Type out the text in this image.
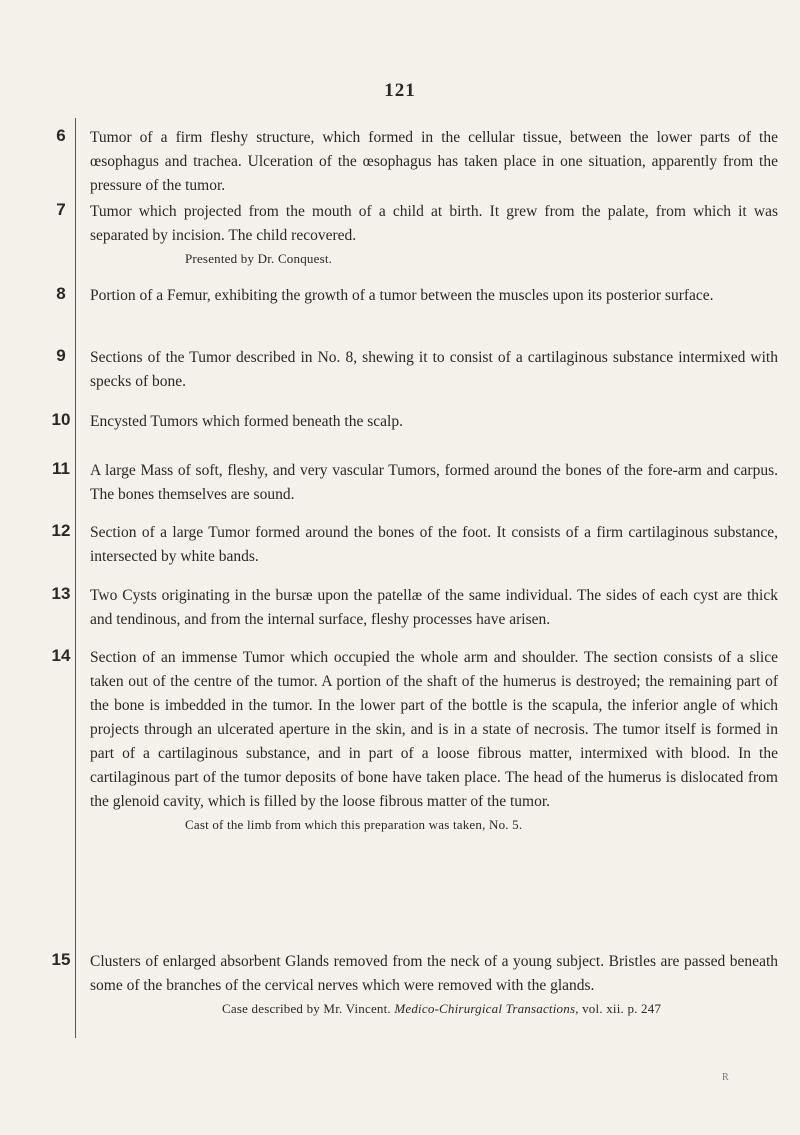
121
6	Tumor of a firm fleshy structure, which formed in the cellular tissue, between the lower parts of the œsophagus and trachea. Ulceration of the œsophagus has taken place in one situation, apparently from the pressure of the tumor.
7	Tumor which projected from the mouth of a child at birth. It grew from the palate, from which it was separated by incision. The child recovered.
Presented by Dr. Conquest.
8	Portion of a Femur, exhibiting the growth of a tumor between the muscles upon its posterior surface.
9	Sections of the Tumor described in No. 8, shewing it to consist of a cartilaginous substance intermixed with specks of bone.
10	Encysted Tumors which formed beneath the scalp.
11	A large Mass of soft, fleshy, and very vascular Tumors, formed around the bones of the fore-arm and carpus. The bones themselves are sound.
12	Section of a large Tumor formed around the bones of the foot. It consists of a firm cartilaginous substance, intersected by white bands.
13	Two Cysts originating in the bursæ upon the patellæ of the same individual. The sides of each cyst are thick and tendinous, and from the internal surface, fleshy processes have arisen.
14	Section of an immense Tumor which occupied the whole arm and shoulder. The section consists of a slice taken out of the centre of the tumor. A portion of the shaft of the humerus is destroyed; the remaining part of the bone is imbedded in the tumor. In the lower part of the bottle is the scapula, the inferior angle of which projects through an ulcerated aperture in the skin, and is in a state of necrosis. The tumor itself is formed in part of a cartilaginous substance, and in part of a loose fibrous matter, intermixed with blood. In the cartilaginous part of the tumor deposits of bone have taken place. The head of the humerus is dislocated from the glenoid cavity, which is filled by the loose fibrous matter of the tumor.
Cast of the limb from which this preparation was taken, No. 5.
15	Clusters of enlarged absorbent Glands removed from the neck of a young subject. Bristles are passed beneath some of the branches of the cervical nerves which were removed with the glands.
Case described by Mr. Vincent. Medico-Chirurgical Transactions, vol. xii. p. 247
R
